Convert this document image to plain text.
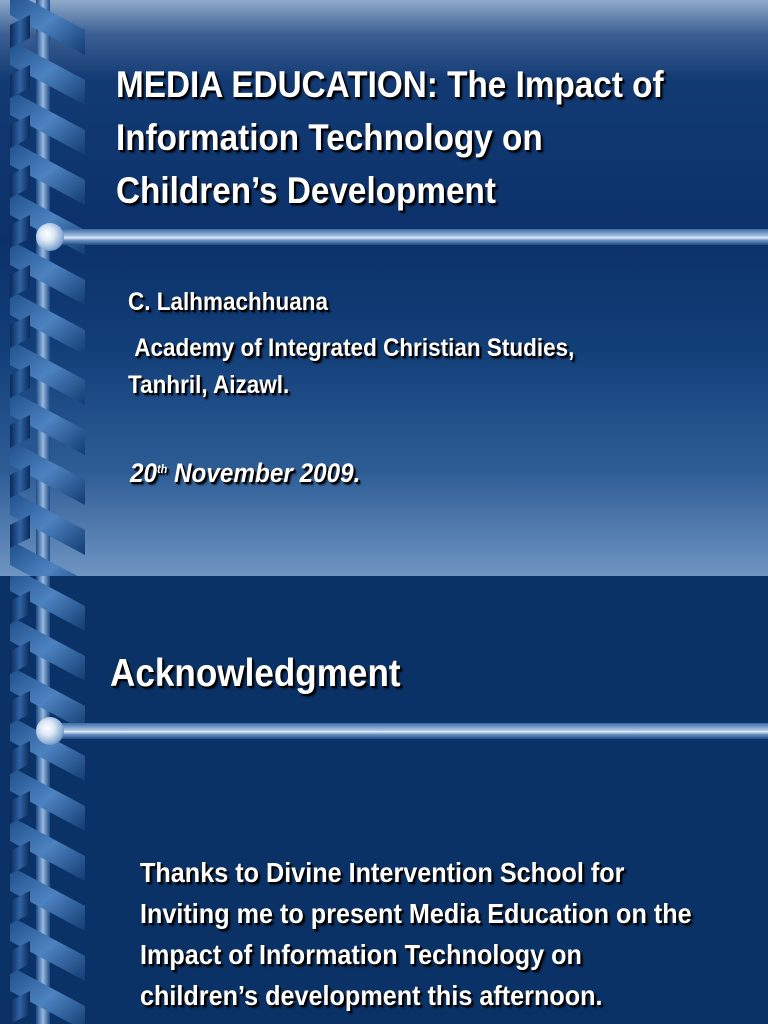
MEDIA EDUCATION: The Impact of Information Technology on Children’s Development
C. Lalhmachhuana
Academy of Integrated Christian Studies, Tanhril, Aizawl.
20th November 2009.
Acknowledgment
Thanks to Divine Intervention School for Inviting me to present Media Education on the Impact of Information Technology on children’s development this afternoon.
